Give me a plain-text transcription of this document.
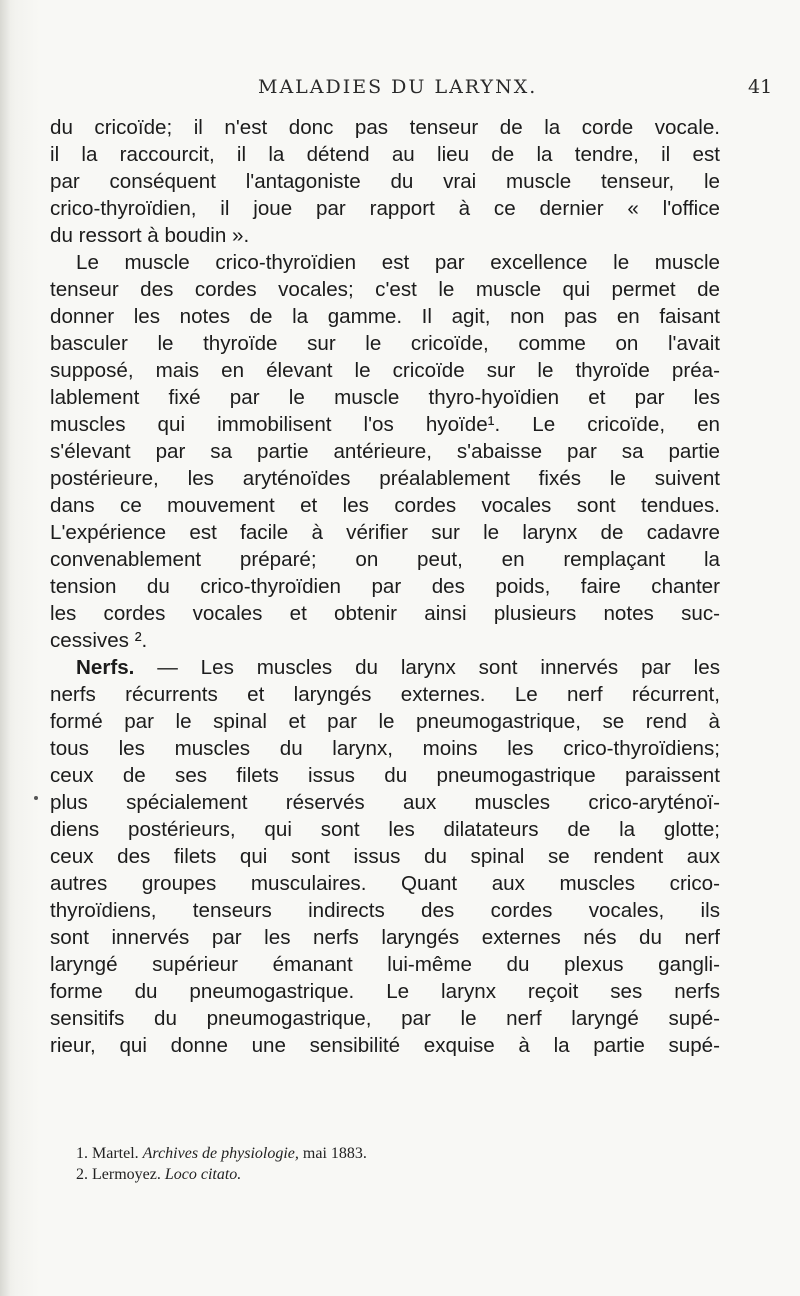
MALADIES DU LARYNX.	41
du cricoïde; il n'est donc pas tenseur de la corde vocale.
il la raccourcit, il la détend au lieu de la tendre, il est
par conséquent l'antagoniste du vrai muscle tenseur, le
crico-thyroïdien, il joue par rapport à ce dernier « l'office
du ressort à boudin ».
Le muscle crico-thyroïdien est par excellence le muscle
tenseur des cordes vocales; c'est le muscle qui permet de
donner les notes de la gamme. Il agit, non pas en faisant
basculer le thyroïde sur le cricoïde, comme on l'avait
supposé, mais en élevant le cricoïde sur le thyroïde préa-
lablement fixé par le muscle thyro-hyoïdien et par les
muscles qui immobilisent l'os hyoïde¹. Le cricoïde, en
s'élevant par sa partie antérieure, s'abaisse par sa partie
postérieure, les aryténoïdes préalablement fixés le suivent
dans ce mouvement et les cordes vocales sont tendues.
L'expérience est facile à vérifier sur le larynx de cadavre
convenablement préparé; on peut, en remplaçant la
tension du crico-thyroïdien par des poids, faire chanter
les cordes vocales et obtenir ainsi plusieurs notes suc-
cessives ².
Nerfs. — Les muscles du larynx sont innervés par les
nerfs récurrents et laryngés externes. Le nerf récurrent,
formé par le spinal et par le pneumogastrique, se rend à
tous les muscles du larynx, moins les crico-thyroïdiens;
ceux de ses filets issus du pneumogastrique paraissent
plus spécialement réservés aux muscles crico-aryténoï-
diens postérieurs, qui sont les dilatateurs de la glotte;
ceux des filets qui sont issus du spinal se rendent aux
autres groupes musculaires. Quant aux muscles crico-
thyroïdiens, tenseurs indirects des cordes vocales, ils
sont innervés par les nerfs laryngés externes nés du nerf
laryngé supérieur émanant lui-même du plexus gangli-
forme du pneumogastrique. Le larynx reçoit ses nerfs
sensitifs du pneumogastrique, par le nerf laryngé supé-
rieur, qui donne une sensibilité exquise à la partie supé-
1. Martel. Archives de physiologie, mai 1883.
2. Lermoyez. Loco citato.
